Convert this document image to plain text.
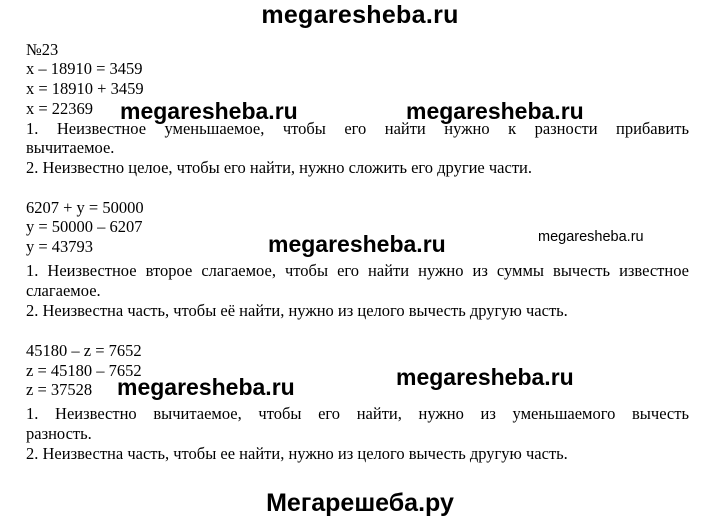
megaresheba.ru
№23
x – 18910 = 3459
x = 18910 + 3459
x = 22369
1. Неизвестное уменьшаемое, чтобы его найти нужно к разности прибавить
вычитаемое.
2. Неизвестно целое, чтобы его найти, нужно сложить его другие части.
6207 + y = 50000
y = 50000 – 6207
y = 43793
1. Неизвестное второе слагаемое, чтобы его найти нужно из суммы вычесть известное
слагаемое.
2. Неизвестна часть, чтобы её найти, нужно из целого вычесть другую часть.
45180 – z = 7652
z = 45180 – 7652
z = 37528
1. Неизвестно вычитаемое, чтобы его найти, нужно из уменьшаемого вычесть
разность.
2. Неизвестна часть, чтобы ее найти, нужно из целого вычесть другую часть.
megaresheba.ru	megaresheba.ru
megaresheba.ru	megaresheba.ru
megaresheba.ru	megaresheba.ru
Мегарешеба.ру
